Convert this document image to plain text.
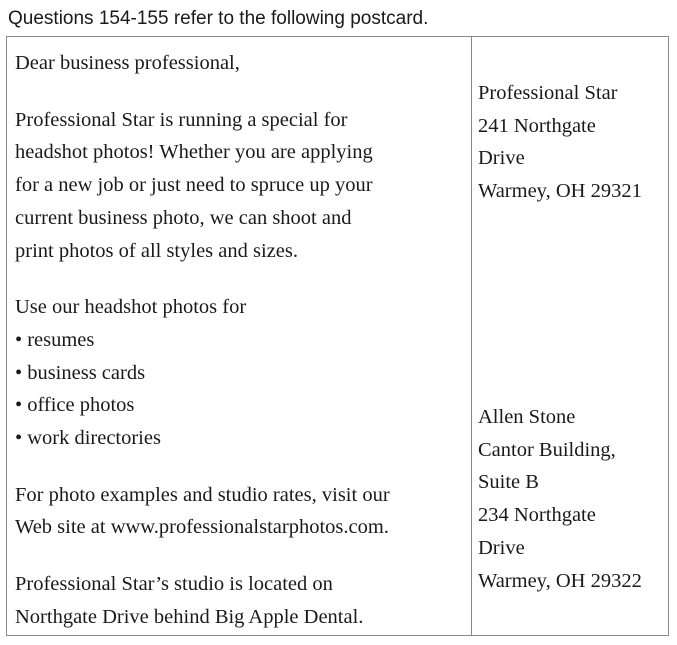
Questions 154-155 refer to the following postcard.

Dear business professional,

Professional Star is running a special for

headshot photos! Whether you are applying

for a new job or just need to spruce up your

current business photo, we can shoot and

print photos of all styles and sizes.

Use our headshot photos for

• resumes
• business cards
• office photos
• work directories

For photo examples and studio rates, visit our

Web site at www.professionalstarphotos.com.

Professional Star’s studio is located on

Northgate Drive behind Big Apple Dental.

Professional Star
241 Northgate
Drive
Warmey, OH 29321
Allen Stone
Cantor Building,
Suite B
234 Northgate
Drive
Warmey, OH 29322
